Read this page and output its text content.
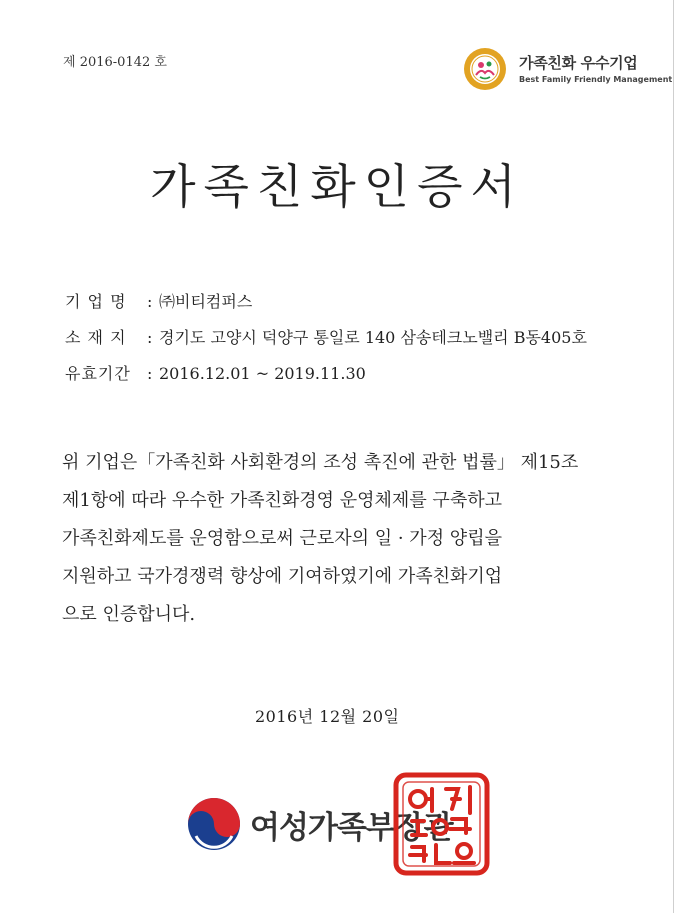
제 2016-0142 호	가족친화 우수기업
Best Family Friendly Management
가족친화인증서
기 업 명 : ㈜비티컴퍼스
소 재 지 : 경기도 고양시 덕양구 통일로 140 삼송테크노밸리 B동405호
유효기간 : 2016.12.01 ~ 2019.11.30

위 기업은「가족친화 사회환경의 조성 촉진에 관한 법률」 제15조

제1항에 따라 우수한 가족친화경영 운영체제를 구축하고

가족친화제도를 운영함으로써 근로자의 일 · 가정 양립을

지원하고 국가경쟁력 향상에 기여하였기에 가족친화기업

으로 인증합니다.

2016년 12월 20일
여성가족부장관
